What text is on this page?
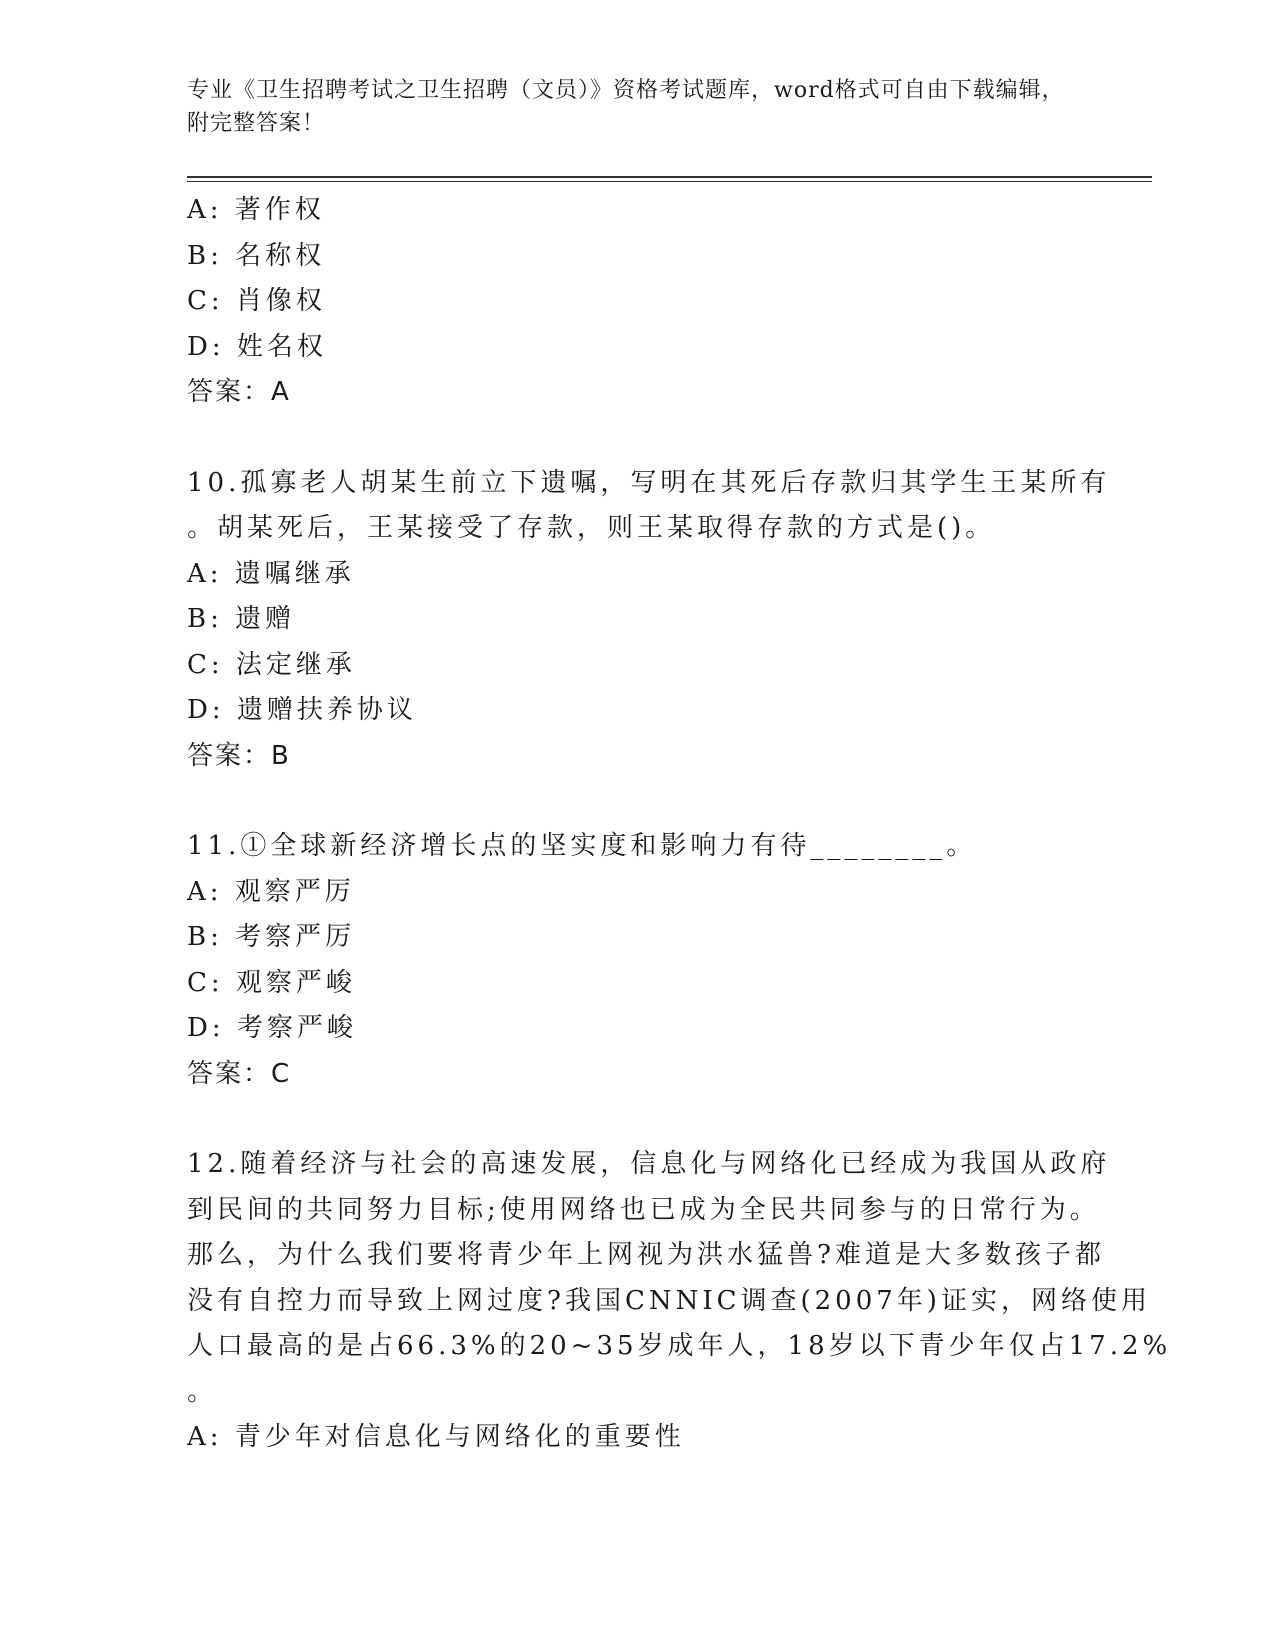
专业《卫生招聘考试之卫生招聘（文员）》资格考试题库，word格式可自由下载编辑，附完整答案！
A: 著作权
B: 名称权
C: 肖像权
D: 姓名权
答案：A
10.孤寡老人胡某生前立下遗嘱，写明在其死后存款归其学生王某所有
。胡某死后，王某接受了存款，则王某取得存款的方式是()。
A: 遗嘱继承
B: 遗赠
C: 法定继承
D: 遗赠扶养协议
答案：B
11.①全球新经济增长点的坚实度和影响力有待________。
A: 观察严厉
B: 考察严厉
C: 观察严峻
D: 考察严峻
答案：C
12.随着经济与社会的高速发展，信息化与网络化已经成为我国从政府
到民间的共同努力目标;使用网络也已成为全民共同参与的日常行为。
那么，为什么我们要将青少年上网视为洪水猛兽?难道是大多数孩子都
没有自控力而导致上网过度?我国CNNIC调查(2007年)证实，网络使用
人口最高的是占66.3%的20~35岁成年人，18岁以下青少年仅占17.2%
。
A: 青少年对信息化与网络化的重要性
